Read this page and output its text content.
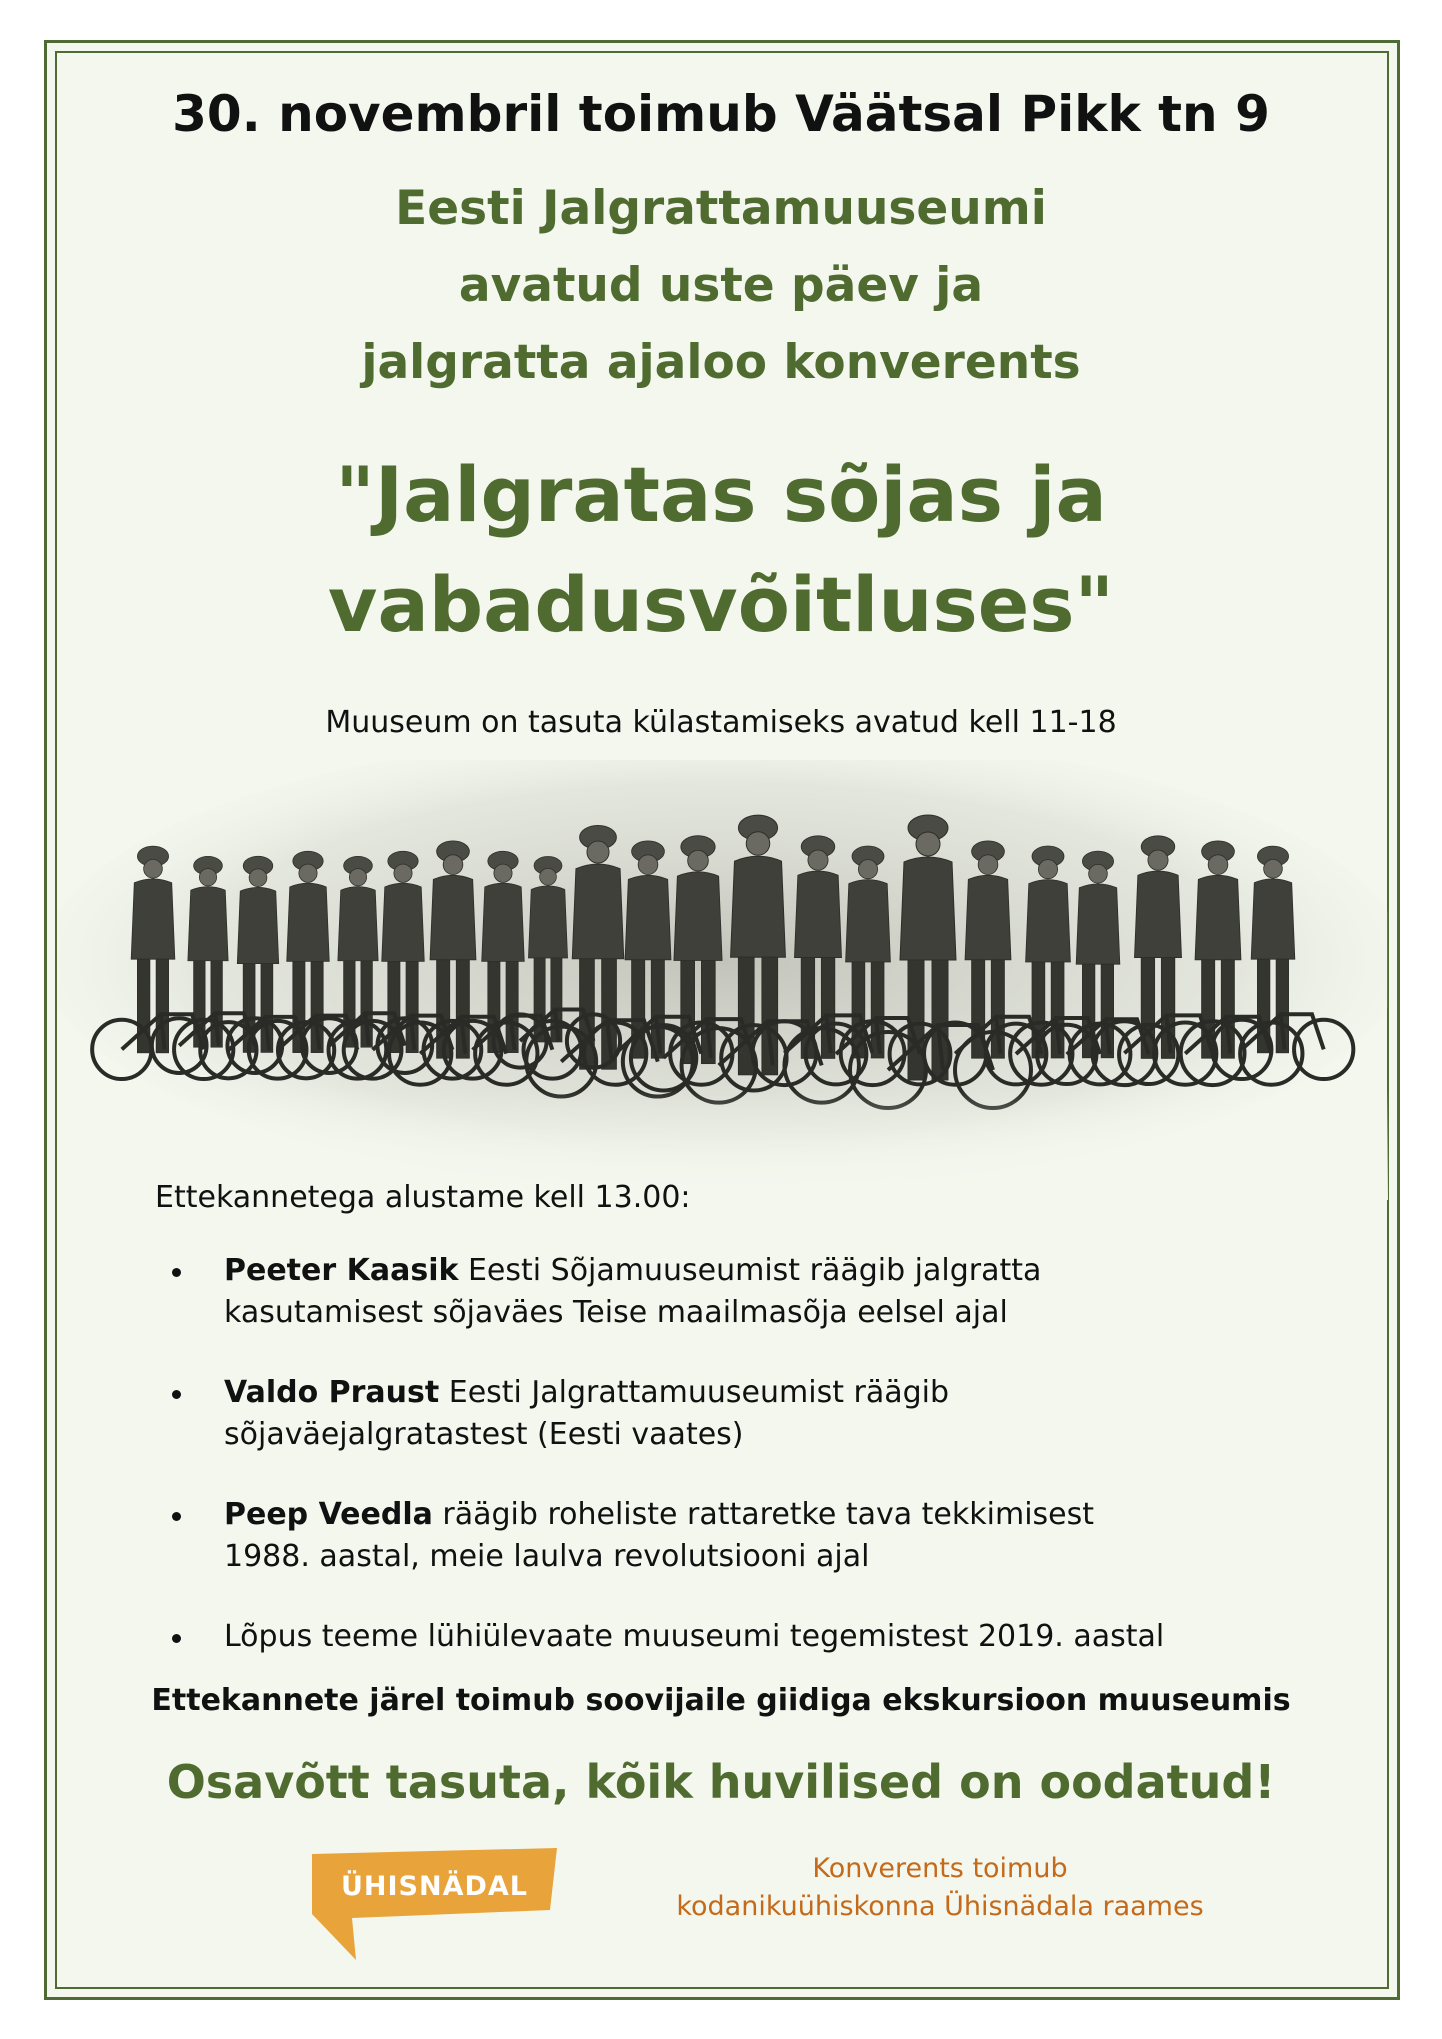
30. novembril toimub Väätsal Pikk tn 9
Eesti Jalgrattamuuseumi
avatud uste päev ja
jalgratta ajaloo konverents
"Jalgratas sõjas ja
vabadusvõitluses"
Muuseum on tasuta külastamiseks avatud kell 11-18
Ettekannetega alustame kell 13.00:
Peeter Kaasik Eesti Sõjamuuseumist räägib jalgratta
kasutamisest sõjaväes Teise maailmasõja eelsel ajal
Valdo Praust Eesti Jalgrattamuuseumist räägib
sõjaväejalgratastest (Eesti vaates)
Peep Veedla räägib roheliste rattaretke tava tekkimisest
1988. aastal, meie laulva revolutsiooni ajal
Lõpus teeme lühiülevaate muuseumi tegemistest 2019. aastal
Ettekannete järel toimub soovijaile giidiga ekskursioon muuseumis
Osavõtt tasuta, kõik huvilised on oodatud!
ÜHISNÄDAL
Konverents toimub
kodanikuühiskonna Ühisnädala raames
